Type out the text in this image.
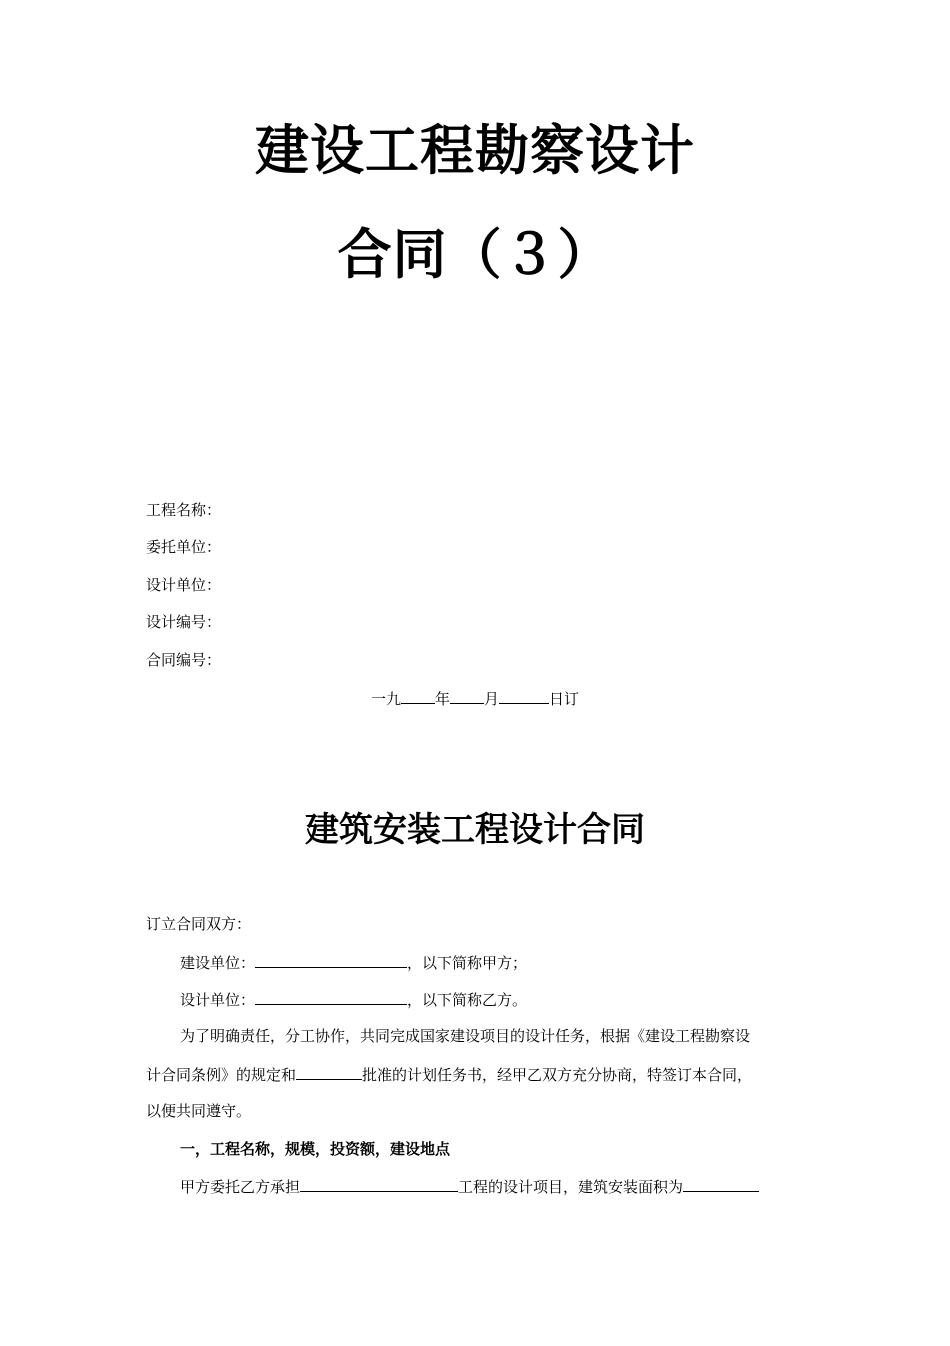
建设工程勘察设计
合同（３）
工程名称：
委托单位：
设计单位：
设计编号：
合同编号：
一九 年 月	日订
建筑安装工程设计合同
订立合同双方：
建设单位：	，以下简称甲方；
设计单位：	，以下简称乙方。
为了明确责任，分工协作，共同完成国家建设项目的设计任务，根据《建设工程勘察设
计合同条例》的规定和	批准的计划任务书，经甲乙双方充分协商，特签订本合同，
以便共同遵守。
一，工程名称，规模，投资额，建设地点
甲方委托乙方承担	工程的设计项目，建筑安装面积为
